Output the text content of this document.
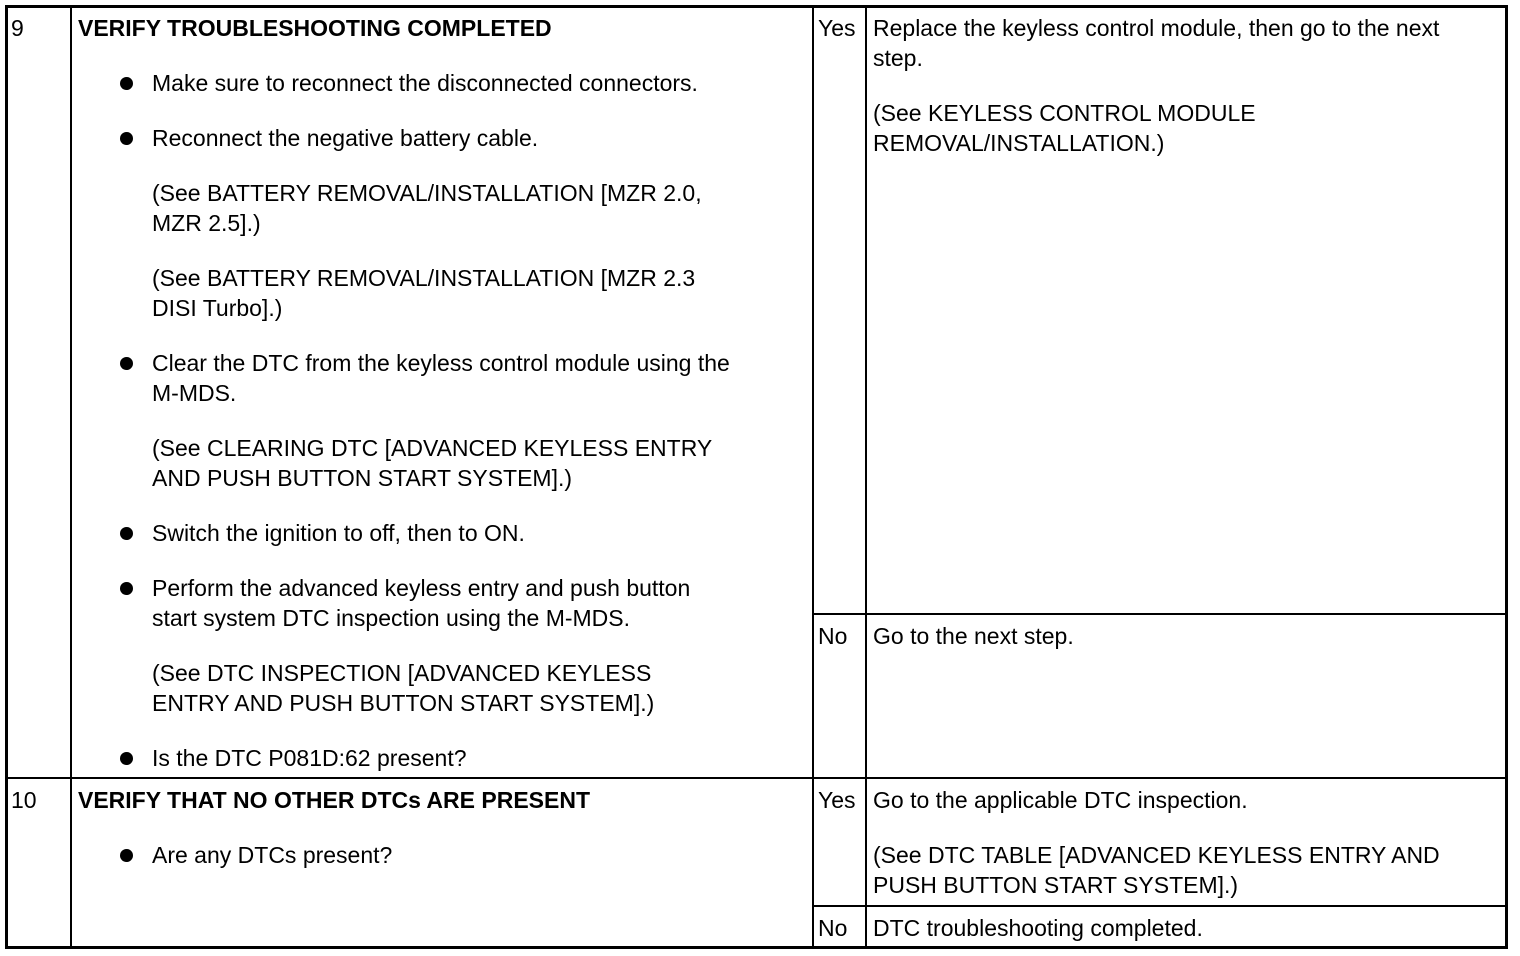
9 VERIFY TROUBLESHOOTING COMPLETED
Make sure to reconnect the disconnected connectors.
Reconnect the negative battery cable.
(See BATTERY REMOVAL/INSTALLATION [MZR 2.0,
MZR 2.5].)
(See BATTERY REMOVAL/INSTALLATION [MZR 2.3
DISI Turbo].)
Clear the DTC from the keyless control module using the
M-MDS.
(See CLEARING DTC [ADVANCED KEYLESS ENTRY
AND PUSH BUTTON START SYSTEM].)
Switch the ignition to off, then to ON.
Perform the advanced keyless entry and push button
start system DTC inspection using the M-MDS.
(See DTC INSPECTION [ADVANCED KEYLESS
ENTRY AND PUSH BUTTON START SYSTEM].)
Is the DTC P081D:62 present?
Yes Replace the keyless control module, then go to the next
step.
(See KEYLESS CONTROL MODULE
REMOVAL/INSTALLATION.)
No Go to the next step.
10 VERIFY THAT NO OTHER DTCs ARE PRESENT
Are any DTCs present?
Yes Go to the applicable DTC inspection.
(See DTC TABLE [ADVANCED KEYLESS ENTRY AND
PUSH BUTTON START SYSTEM].)
No DTC troubleshooting completed.
